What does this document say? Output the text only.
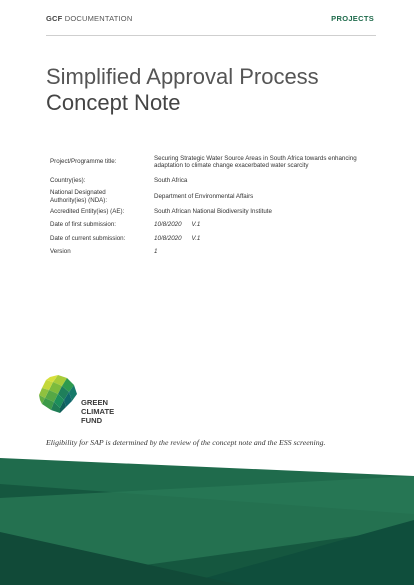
GCF DOCUMENTATION	PROJECTS
Simplified Approval Process
Concept Note
Project/Programme title:	Securing Strategic Water Source Areas in South Africa towards enhancing adaptation to climate change exacerbated water scarcity
Country(ies):	South Africa
National Designated Authority(ies) (NDA):	Department of Environmental Affairs
Accredited Entity(ies) (AE):	South African National Biodiversity Institute
Date of first submission:	10/8/2020 V.1
Date of current submission:	10/8/2020 V.1
Version	1
GREEN
CLIMATE
FUND
Eligibility for SAP is determined by the review of the concept note and the ESS screening.
